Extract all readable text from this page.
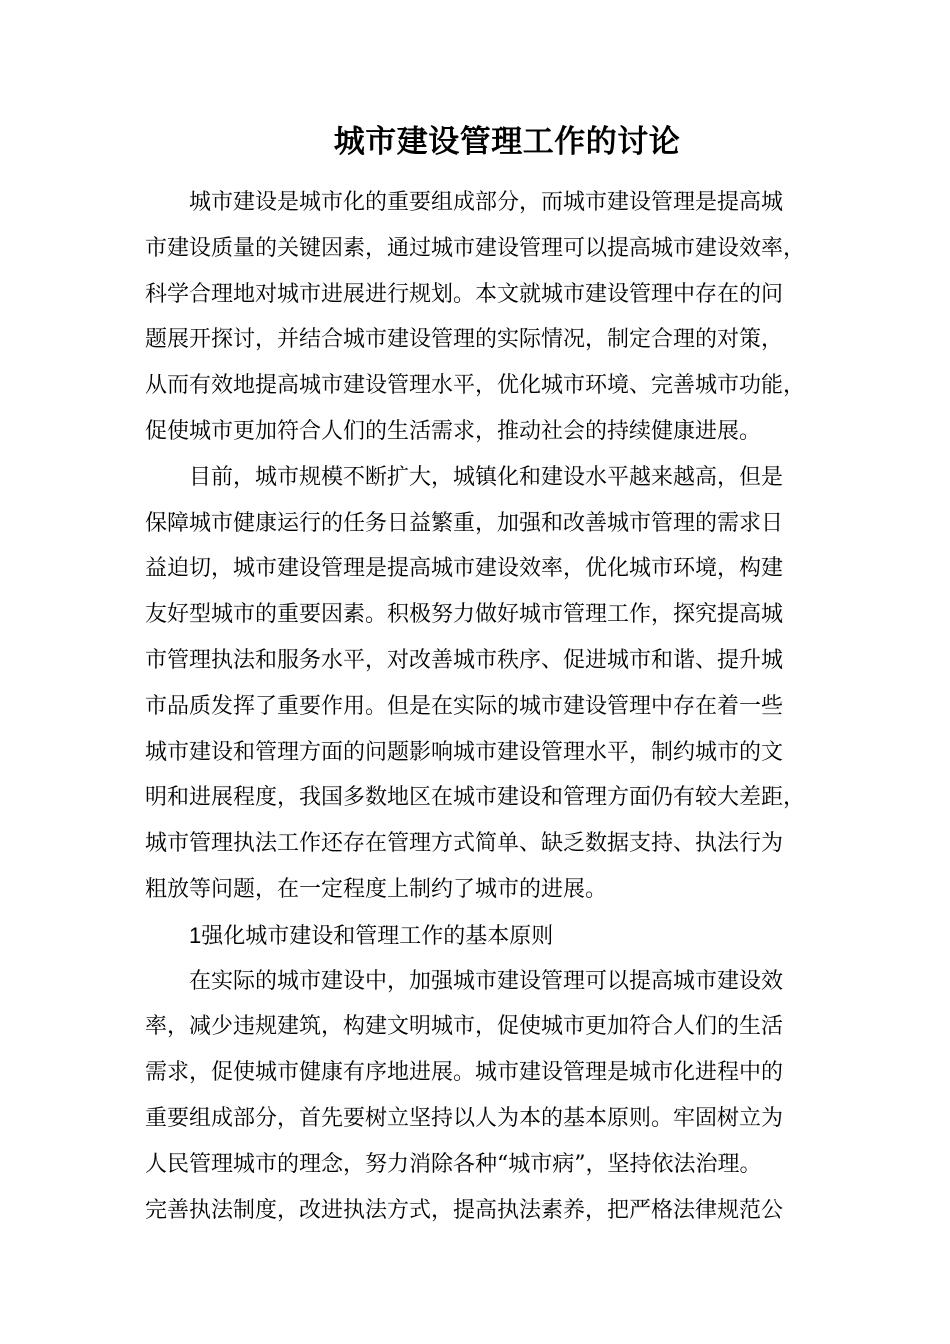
城市建设管理工作的讨论
城市建设是城市化的重要组成部分，而城市建设管理是提高城
市建设质量的关键因素，通过城市建设管理可以提高城市建设效率，
科学合理地对城市进展进行规划。本文就城市建设管理中存在的问
题展开探讨，并结合城市建设管理的实际情况，制定合理的对策，
从而有效地提高城市建设管理水平，优化城市环境、完善城市功能，
促使城市更加符合人们的生活需求，推动社会的持续健康进展。
目前，城市规模不断扩大，城镇化和建设水平越来越高，但是
保障城市健康运行的任务日益繁重，加强和改善城市管理的需求日
益迫切，城市建设管理是提高城市建设效率，优化城市环境，构建
友好型城市的重要因素。积极努力做好城市管理工作，探究提高城
市管理执法和服务水平，对改善城市秩序、促进城市和谐、提升城
市品质发挥了重要作用。但是在实际的城市建设管理中存在着一些
城市建设和管理方面的问题影响城市建设管理水平，制约城市的文
明和进展程度，我国多数地区在城市建设和管理方面仍有较大差距，
城市管理执法工作还存在管理方式简单、缺乏数据支持、执法行为
粗放等问题，在一定程度上制约了城市的进展。
1强化城市建设和管理工作的基本原则
在实际的城市建设中，加强城市建设管理可以提高城市建设效
率，减少违规建筑，构建文明城市，促使城市更加符合人们的生活
需求，促使城市健康有序地进展。城市建设管理是城市化进程中的
重要组成部分，首先要树立坚持以人为本的基本原则。牢固树立为
人民管理城市的理念，努力消除各种“城市病”，坚持依法治理。
完善执法制度，改进执法方式，提高执法素养，把严格法律规范公
